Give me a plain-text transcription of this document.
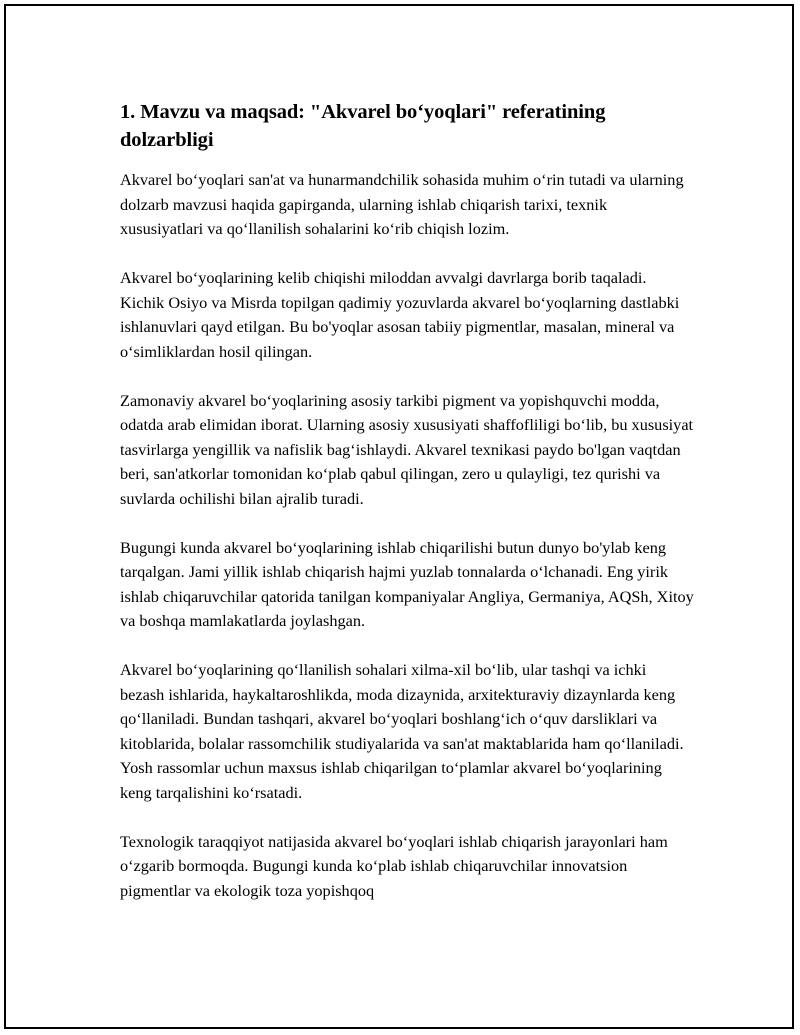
1. Mavzu va maqsad: "Akvarel bo‘yoqlari" referatining dolzarbligi

Akvarel bo‘yoqlari san'at va hunarmandchilik sohasida muhim o‘rin tutadi va ularning dolzarb mavzusi haqida gapirganda, ularning ishlab chiqarish tarixi, texnik xususiyatlari va qo‘llanilish sohalarini ko‘rib chiqish lozim.

Akvarel bo‘yoqlarining kelib chiqishi miloddan avvalgi davrlarga borib taqaladi. Kichik Osiyo va Misrda topilgan qadimiy yozuvlarda akvarel bo‘yoqlarning dastlabki ishlanuvlari qayd etilgan. Bu bo'yoqlar asosan tabiiy pigmentlar, masalan, mineral va o‘simliklardan hosil qilingan.

Zamonaviy akvarel bo‘yoqlarining asosiy tarkibi pigment va yopishquvchi modda, odatda arab elimidan iborat. Ularning asosiy xususiyati shaffofliligi bo‘lib, bu xususiyat tasvirlarga yengillik va nafislik bag‘ishlaydi. Akvarel texnikasi paydo bo'lgan vaqtdan beri, san'atkorlar tomonidan ko‘plab qabul qilingan, zero u qulayligi, tez qurishi va suvlarda ochilishi bilan ajralib turadi.

Bugungi kunda akvarel bo‘yoqlarining ishlab chiqarilishi butun dunyo bo'ylab keng tarqalgan. Jami yillik ishlab chiqarish hajmi yuzlab tonnalarda o‘lchanadi. Eng yirik ishlab chiqaruvchilar qatorida tanilgan kompaniyalar Angliya, Germaniya, AQSh, Xitoy va boshqa mamlakatlarda joylashgan.

Akvarel bo‘yoqlarining qo‘llanilish sohalari xilma-xil bo‘lib, ular tashqi va ichki bezash ishlarida, haykaltaroshlikda, moda dizaynida, arxitekturaviy dizaynlarda keng qo‘llaniladi. Bundan tashqari, akvarel bo‘yoqlari boshlang‘ich o‘quv darsliklari va kitoblarida, bolalar rassomchilik studiyalarida va san'at maktablarida ham qo‘llaniladi. Yosh rassomlar uchun maxsus ishlab chiqarilgan to‘plamlar akvarel bo‘yoqlarining keng tarqalishini ko‘rsatadi.

Texnologik taraqqiyot natijasida akvarel bo‘yoqlari ishlab chiqarish jarayonlari ham o‘zgarib bormoqda. Bugungi kunda ko‘plab ishlab chiqaruvchilar innovatsion pigmentlar va ekologik toza yopishqoq
